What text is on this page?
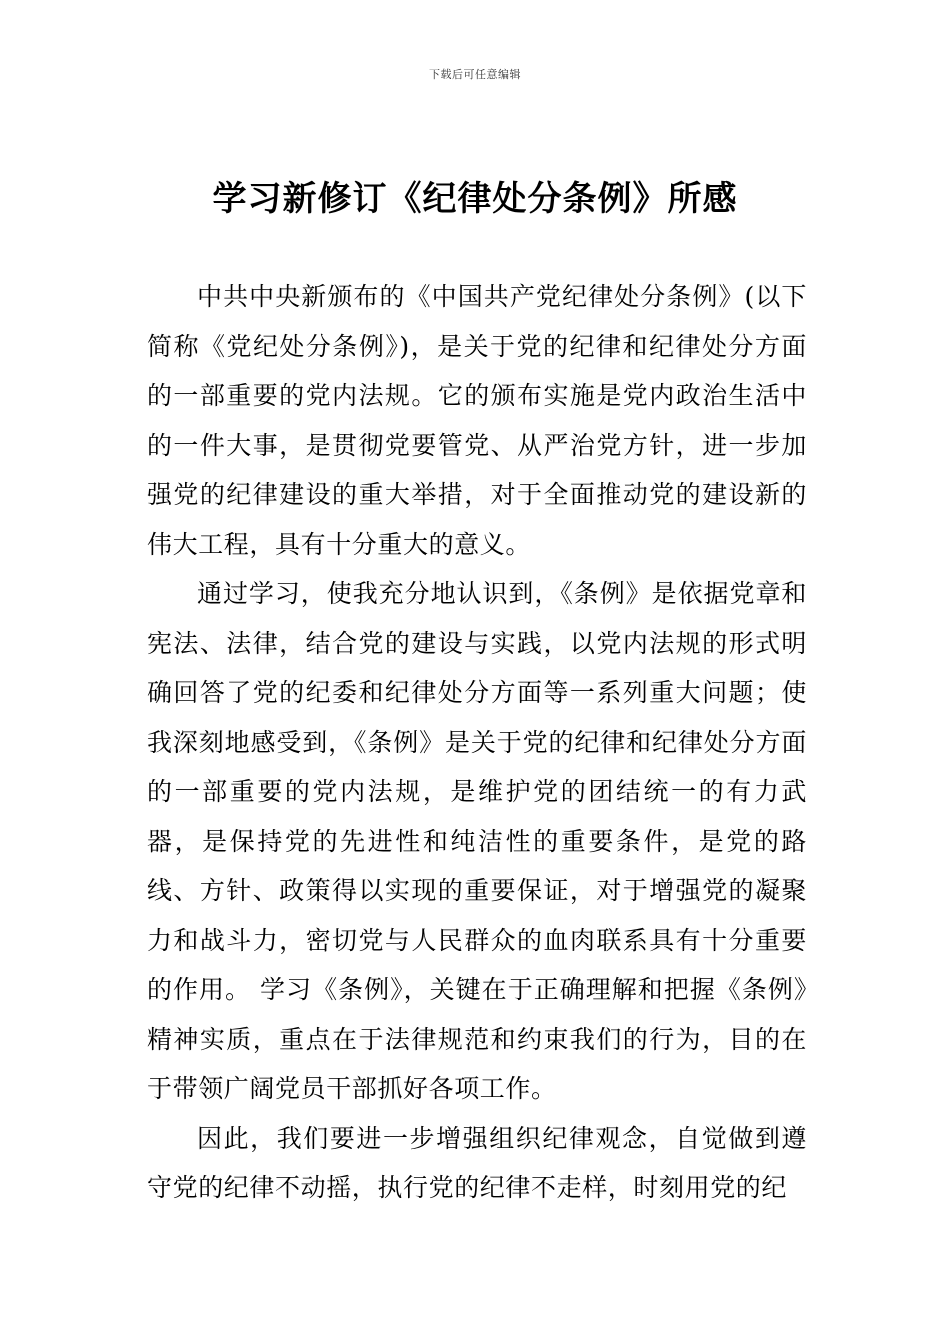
下载后可任意编辑
学习新修订《纪律处分条例》所感

中共中央新颁布的《中国共产党纪律处分条例》(以下简称《党纪处分条例》)，是关于党的纪律和纪律处分方面的一部重要的党内法规。它的颁布实施是党内政治生活中的一件大事，是贯彻党要管党、从严治党方针，进一步加强党的纪律建设的重大举措，对于全面推动党的建设新的伟大工程，具有十分重大的意义。

通过学习，使我充分地认识到，《条例》是依据党章和宪法、法律，结合党的建设与实践，以党内法规的形式明确回答了党的纪委和纪律处分方面等一系列重大问题；使我深刻地感受到，《条例》是关于党的纪律和纪律处分方面的一部重要的党内法规，是维护党的团结统一的有力武器，是保持党的先进性和纯洁性的重要条件，是党的路线、方针、政策得以实现的重要保证，对于增强党的凝聚力和战斗力，密切党与人民群众的血肉联系具有十分重要的作用。 学习《条例》，关键在于正确理解和把握《条例》精神实质，重点在于法律规范和约束我们的行为，目的在于带领广阔党员干部抓好各项工作。

因此，我们要进一步增强组织纪律观念，自觉做到遵守党的纪律不动摇，执行党的纪律不走样，时刻用党的纪
